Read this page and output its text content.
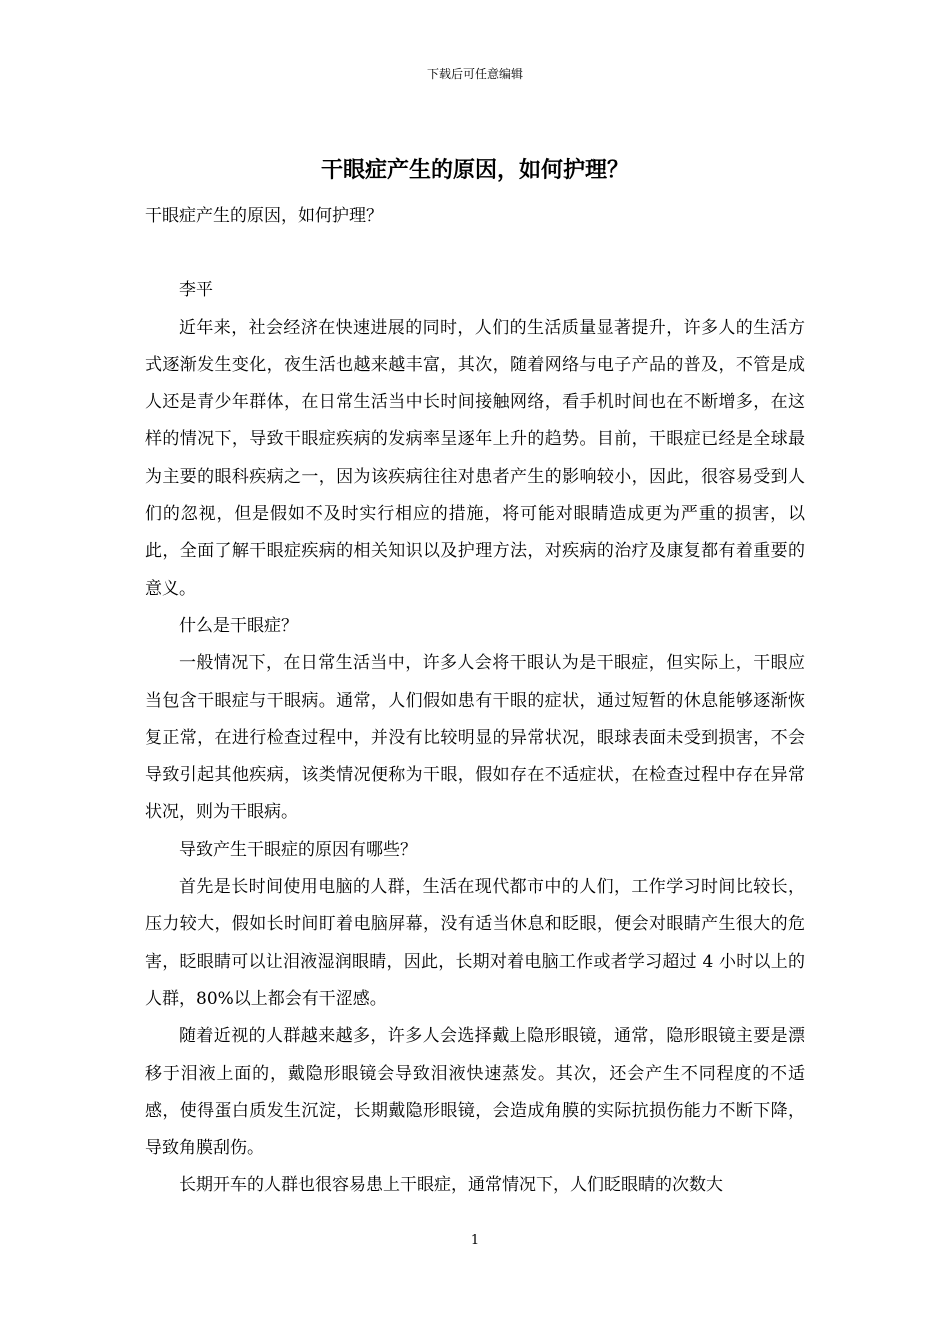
下载后可任意编辑
干眼症产生的原因，如何护理？

干眼症产生的原因，如何护理？

李平

近年来，社会经济在快速进展的同时，人们的生活质量显著提升，许多人的生活方式逐渐发生变化，夜生活也越来越丰富，其次，随着网络与电子产品的普及，不管是成人还是青少年群体，在日常生活当中长时间接触网络，看手机时间也在不断增多，在这样的情况下，导致干眼症疾病的发病率呈逐年上升的趋势。目前，干眼症已经是全球最为主要的眼科疾病之一，因为该疾病往往对患者产生的影响较小，因此，很容易受到人们的忽视，但是假如不及时实行相应的措施，将可能对眼睛造成更为严重的损害，以此，全面了解干眼症疾病的相关知识以及护理方法，对疾病的治疗及康复都有着重要的意义。

什么是干眼症？

一般情况下，在日常生活当中，许多人会将干眼认为是干眼症，但实际上，干眼应当包含干眼症与干眼病。通常，人们假如患有干眼的症状，通过短暂的休息能够逐渐恢复正常，在进行检查过程中，并没有比较明显的异常状况，眼球表面未受到损害，不会导致引起其他疾病，该类情况便称为干眼，假如存在不适症状，在检查过程中存在异常状况，则为干眼病。

导致产生干眼症的原因有哪些？

首先是长时间使用电脑的人群，生活在现代都市中的人们，工作学习时间比较长，压力较大，假如长时间盯着电脑屏幕，没有适当休息和眨眼，便会对眼睛产生很大的危害，眨眼睛可以让泪液湿润眼睛，因此，长期对着电脑工作或者学习超过 4 小时以上的人群，80%以上都会有干涩感。

随着近视的人群越来越多，许多人会选择戴上隐形眼镜，通常，隐形眼镜主要是漂移于泪液上面的，戴隐形眼镜会导致泪液快速蒸发。其次，还会产生不同程度的不适感，使得蛋白质发生沉淀，长期戴隐形眼镜，会造成角膜的实际抗损伤能力不断下降，导致角膜刮伤。

长期开车的人群也很容易患上干眼症，通常情况下，人们眨眼睛的次数大

1
